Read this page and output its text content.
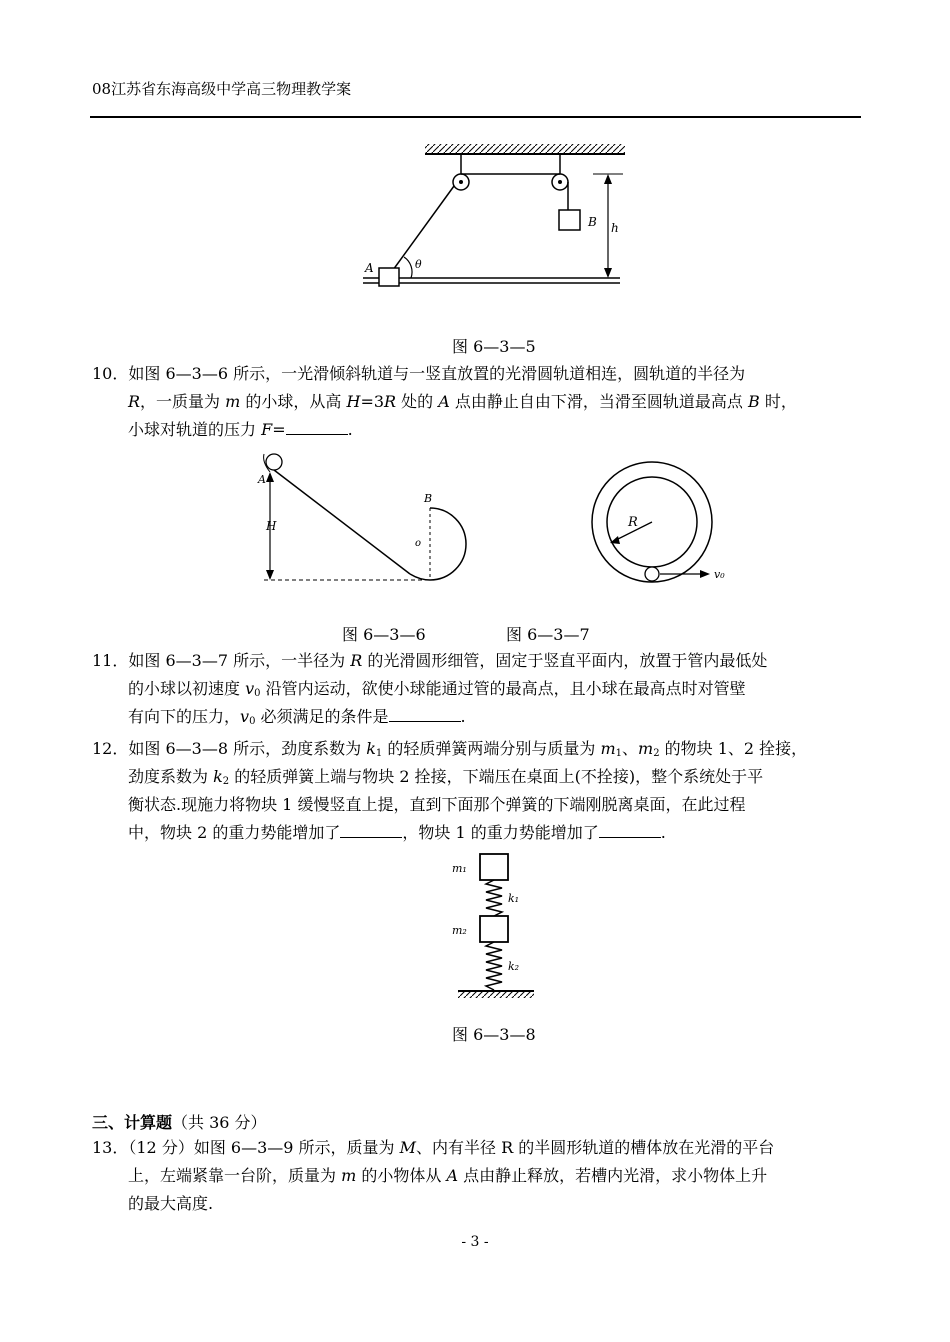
08江苏省东海高级中学高三物理教学案
B
A	θ
h
图 6—3—5
10．如图 6—3—6 所示，一光滑倾斜轨道与一竖直放置的光滑圆轨道相连，圆轨道的半径为
R，一质量为 m 的小球，从高 H=3R 处的 A 点由静止自由下滑，当滑至圆轨道最高点 B 时，
小球对轨道的压力 F=	.
A
B
o
H	R
v₀
图 6—3—6	图 6—3—7
11．如图 6—3—7 所示，一半径为 R 的光滑圆形细管，固定于竖直平面内，放置于管内最低处
的小球以初速度 $v_0$ 沿管内运动，欲使小球能通过管的最高点，且小球在最高点时对管壁
有向下的压力，$v_0$ 必须满足的条件是	.
12．如图 6—3—8 所示，劲度系数为 $k_1$ 的轻质弹簧两端分别与质量为 $m_1$、$m_2$ 的物块 1、2 拴接，
劲度系数为 $k_2$ 的轻质弹簧上端与物块 2 拴接，下端压在桌面上(不拴接)，整个系统处于平
衡状态.现施力将物块 1 缓慢竖直上提，直到下面那个弹簧的下端刚脱离桌面，在此过程
中，物块 2 的重力势能增加了	，物块 1 的重力势能增加了	.
m₁
k₁
m₂
k₂
图 6—3—8
三、计算题（共 36 分）
13．（12 分）如图 6—3—9 所示，质量为 M、内有半径 R 的半圆形轨道的槽体放在光滑的平台
上，左端紧靠一台阶，质量为 m 的小物体从 A 点由静止释放，若槽内光滑，求小物体上升
的最大高度.
- 3 -
